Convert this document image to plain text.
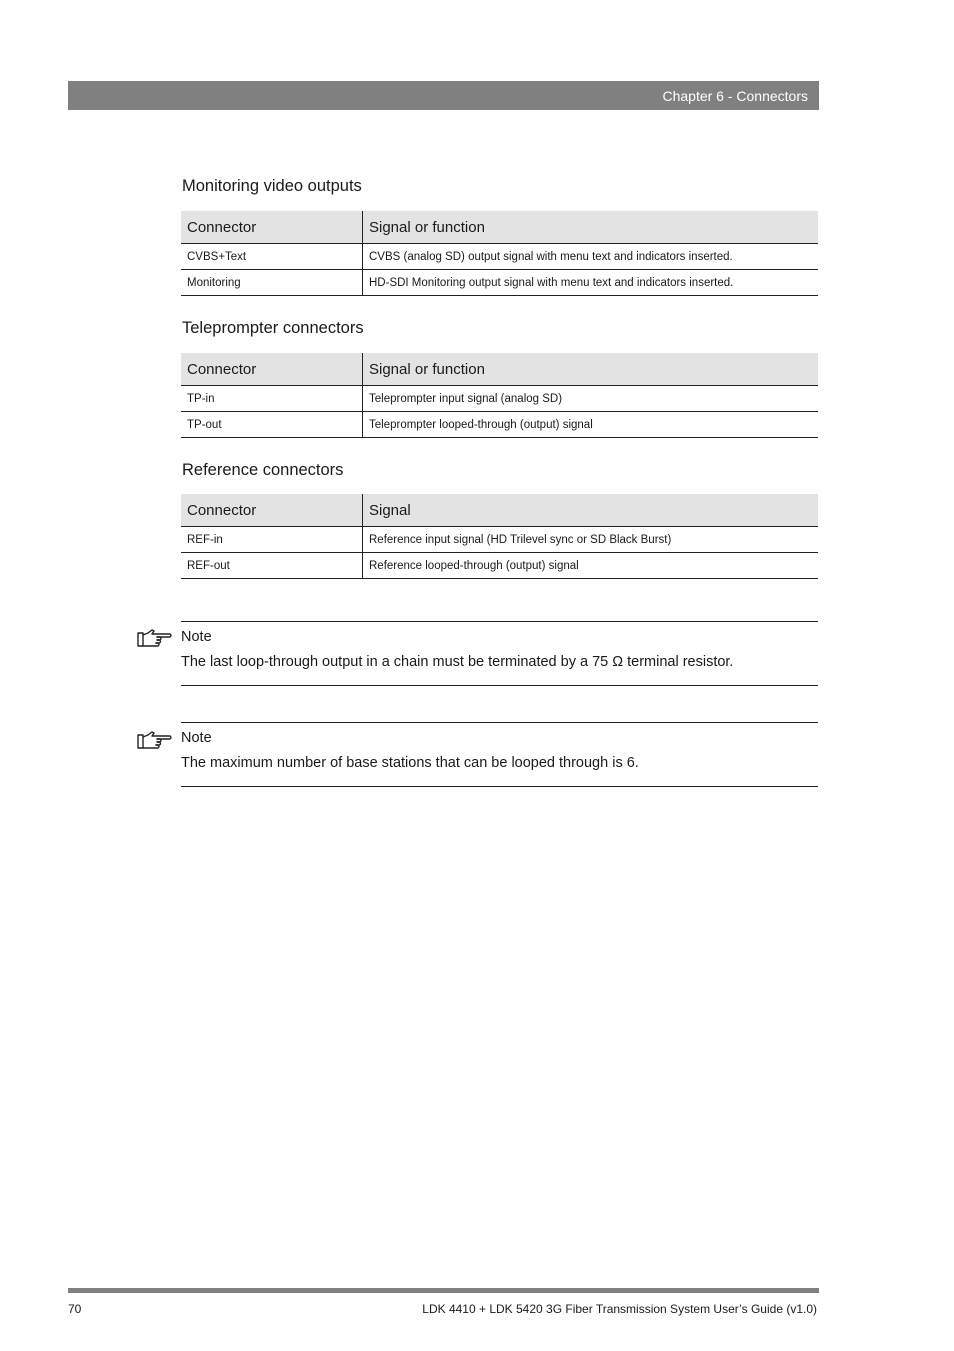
Chapter 6 - Connectors
Monitoring video outputs
Connector	Signal or function
CVBS+Text	CVBS (analog SD) output signal with menu text and indicators inserted.
Monitoring	HD-SDI Monitoring output signal with menu text and indicators inserted.
Teleprompter connectors
Connector	Signal or function
TP-in	Teleprompter input signal (analog SD)
TP-out	Teleprompter looped-through (output) signal
Reference connectors
Connector	Signal
REF-in	Reference input signal (HD Trilevel sync or SD Black Burst)
REF-out	Reference looped-through (output) signal
Note
The last loop-through output in a chain must be terminated by a 75 Ω terminal resistor.
Note
The maximum number of base stations that can be looped through is 6.
70	LDK 4410 + LDK 5420 3G Fiber Transmission System User’s Guide (v1.0)
